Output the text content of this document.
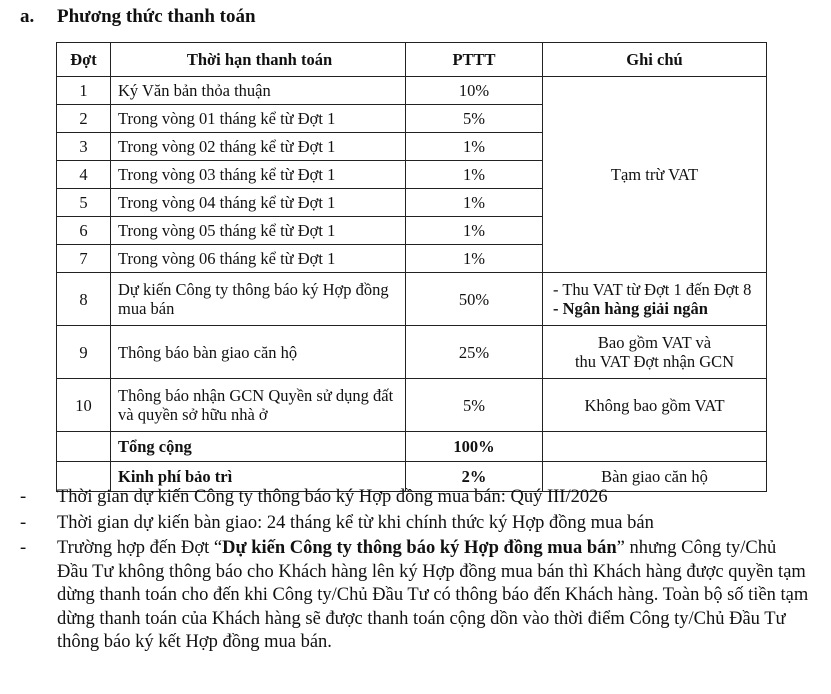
a. Phương thức thanh toán
Đợt	Thời hạn thanh toán	PTTT	Ghi chú
1	Ký Văn bản thỏa thuận	10%	Tạm trừ VAT
2	Trong vòng 01 tháng kể từ Đợt 1	5%	
3	Trong vòng 02 tháng kể từ Đợt 1	1%	
4	Trong vòng 03 tháng kể từ Đợt 1	1%	
5	Trong vòng 04 tháng kể từ Đợt 1	1%	
6	Trong vòng 05 tháng kể từ Đợt 1	1%	
7	Trong vòng 06 tháng kể từ Đợt 1	1%	
8	Dự kiến Công ty thông báo ký Hợp đồng mua bán	50%	- Thu VAT từ Đợt 1 đến Đợt 8
- Ngân hàng giải ngân

9	Thông báo bàn giao căn hộ	25%	Bao gồm VAT và
thu VAT Đợt nhận GCN

10	Thông báo nhận GCN Quyền sử dụng đất và quyền sở hữu nhà ở	5%	Không bao gồm VAT
	Tổng cộng	100%	
	Kinh phí bảo trì	2%	Bàn giao căn hộ
-	Thời gian dự kiến Công ty thông báo ký Hợp đồng mua bán: Quý III/2026
-	Thời gian dự kiến bàn giao: 24 tháng kể từ khi chính thức ký Hợp đồng mua bán
-	Trường hợp đến Đợt “Dự kiến Công ty thông báo ký Hợp đồng mua bán” nhưng Công ty/Chủ Đầu Tư không thông báo cho Khách hàng lên ký Hợp đồng mua bán thì Khách hàng được quyền tạm dừng thanh toán cho đến khi Công ty/Chủ Đầu Tư có thông báo đến Khách hàng. Toàn bộ số tiền tạm dừng thanh toán của Khách hàng sẽ được thanh toán cộng dồn vào thời điểm Công ty/Chủ Đầu Tư thông báo ký kết Hợp đồng mua bán.
